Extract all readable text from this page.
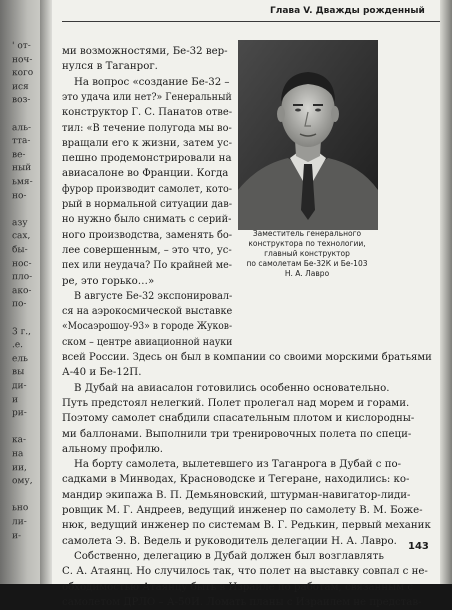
' от-
ноч-
кого
ися
воз-
аль-
тта-
ве-
ный
ьмя-
но-
азу
сах,
бы-
нос-
пло-
ако-
по-
3 г.,
.е.
ель
вы
ди-
и
ри-
ка-
на
ии,
ому,
ьно
ли-
и-
Глава V. Дважды рожденный
Заместитель генерального
конструктора по технологии,
главный конструктор
по самолетам Бе-32К и Бе-103
Н. А. Лавро
ми возможностями, Бе-32 вер-
нулся в Таганрог.
На вопрос «создание Бе-32 –
это удача или нет?» Генеральный
конструктор Г. С. Панатов отве-
тил: «В течение полугода мы во-
вращали его к жизни, затем ус-
пешно продемонстрировали на
авиасалоне во Франции. Когда
фурор производит самолет, кото-
рый в нормальной ситуации дав-
но нужно было снимать с серий-
ного производства, заменять бо-
лее совершенным, – это что, ус-
пех или неудача? По крайней ме-
ре, это горько…»
В августе Бе-32 экспонировал-
ся на аэрокосмической выставке
«Мосаэрошоу-93» в городе Жуков-
ском – центре авиационной науки
всей России. Здесь он был в компании со своими морскими братьями
А-40 и Бе-12П.
В Дубай на авиасалон готовились особенно основательно.
Путь предстоял нелегкий. Полет пролегал над морем и горами.
Поэтому самолет снабдили спасательным плотом и кислородны-
ми баллонами. Выполнили три тренировочных полета по специ-
альному профилю.
На борту самолета, вылетевшего из Таганрога в Дубай с по-
садками в Минводах, Красноводске и Тегеране, находились: ко-
мандир экипажа В. П. Демьяновский, штурман-навигатор-лиди-
ровщик М. Г. Андреев, ведущий инженер по самолету В. М. Боже-
нюк, ведущий инженер по системам В. Г. Редькин, первый механик
самолета Э. В. Ведель и руководитель делегации Н. А. Лавро.
Собственно, делегацию в Дубай должен был возглавлять
С. А. Атаянц. Но случилось так, что полет на выставку совпал с не-
обходимостью Атаянцу быть в Израиле по работам, связанным с
самолетом ДРЛО – А-50И. Ломать планы с Израилем не представ-
143
